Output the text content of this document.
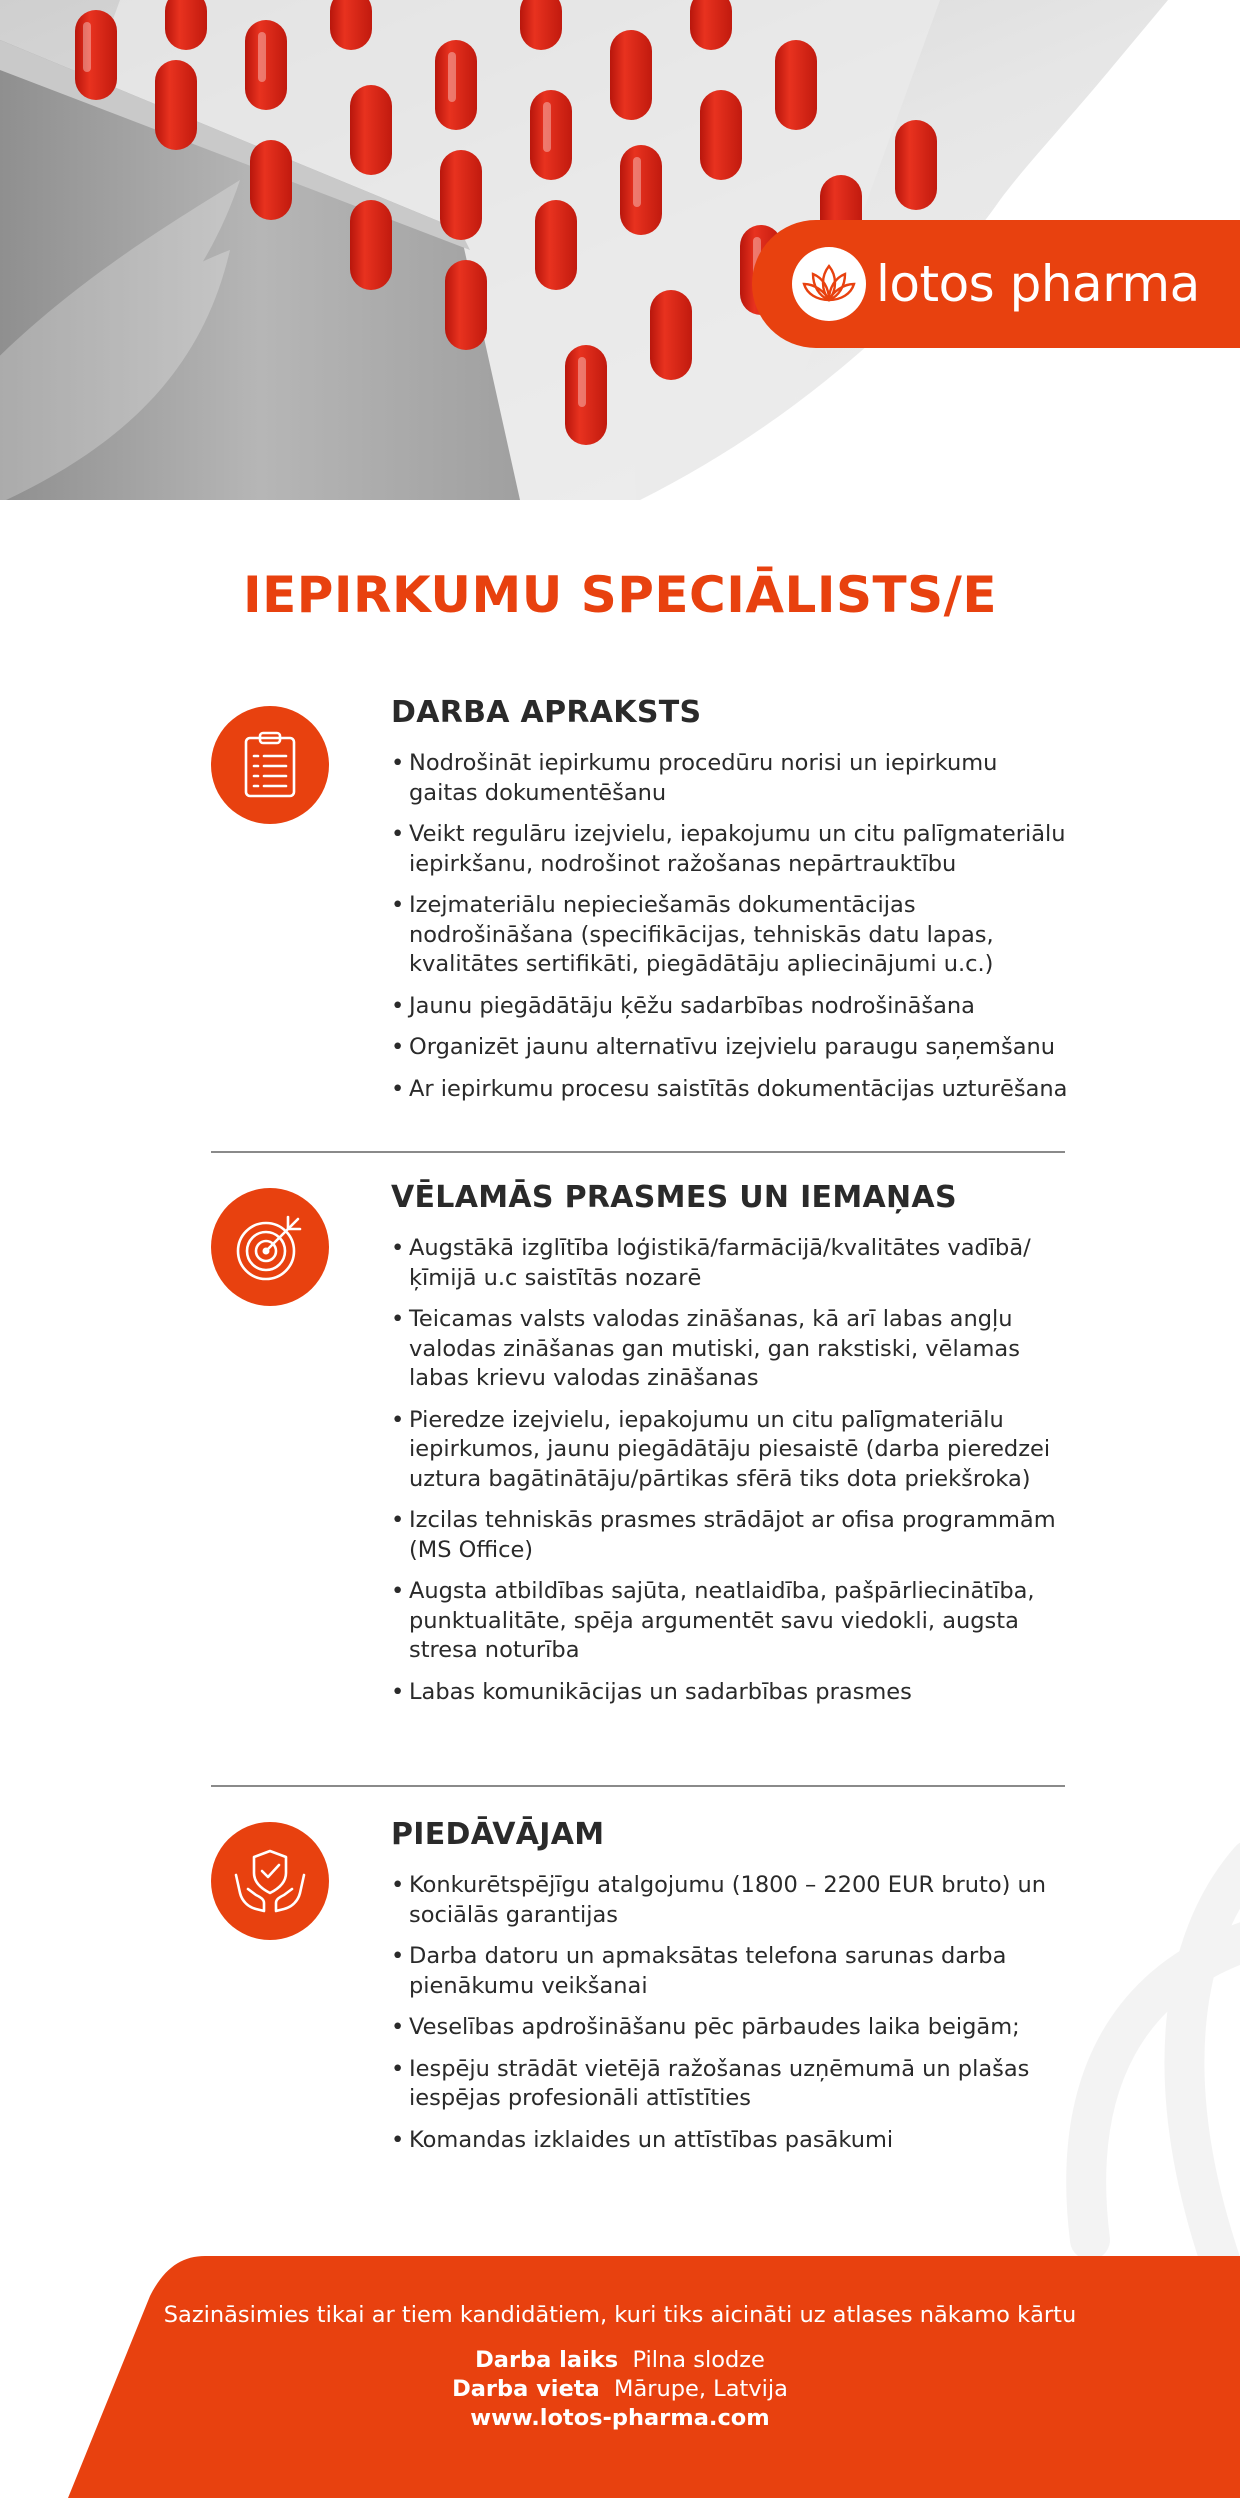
lotos pharma
IEPIRKUMU SPECIĀLISTS/E
DARBA APRAKSTS
• Nodrošināt iepirkumu procedūru norisi un iepirkumu gaitas dokumentēšanu
• Veikt regulāru izejvielu, iepakojumu un citu palīgmateriālu iepirkšanu, nodrošinot ražošanas nepārtrauktību
• Izejmateriālu nepieciešamās dokumentācijas nodrošināšana (specifikācijas, tehniskās datu lapas, kvalitātes sertifikāti, piegādātāju apliecinājumi u.c.)
• Jaunu piegādātāju ķēžu sadarbības nodrošināšana
• Organizēt jaunu alternatīvu izejvielu paraugu saņemšanu
• Ar iepirkumu procesu saistītās dokumentācijas uzturēšana
VĒLAMĀS PRASMES UN IEMAŅAS
• Augstākā izglītība loģistikā/farmācijā/kvalitātes vadībā/ķīmijā u.c saistītās nozarē
• Teicamas valsts valodas zināšanas, kā arī labas angļu valodas zināšanas gan mutiski, gan rakstiski, vēlamas labas krievu valodas zināšanas
• Pieredze izejvielu, iepakojumu un citu palīgmateriālu iepirkumos, jaunu piegādātāju piesaistē (darba pieredzei uztura bagātinātāju/pārtikas sfērā tiks dota priekšroka)
• Izcilas tehniskās prasmes strādājot ar ofisa programmām (MS Office)
• Augsta atbildības sajūta, neatlaidība, pašpārliecinātība, punktualitāte, spēja argumentēt savu viedokli, augsta stresa noturība
• Labas komunikācijas un sadarbības prasmes
PIEDĀVĀJAM
• Konkurētspējīgu atalgojumu (1800 – 2200 EUR bruto) un sociālās garantijas
• Darba datoru un apmaksātas telefona sarunas darba pienākumu veikšanai
• Veselības apdrošināšanu pēc pārbaudes laika beigām;
• Iespēju strādāt vietējā ražošanas uzņēmumā un plašas iespējas profesionāli attīstīties
• Komandas izklaides un attīstības pasākumi
Sazināsimies tikai ar tiem kandidātiem, kuri tiks aicināti uz atlases nākamo kārtu
Darba laiks Pilna slodze
Darba vieta Mārupe, Latvija
www.lotos-pharma.com
